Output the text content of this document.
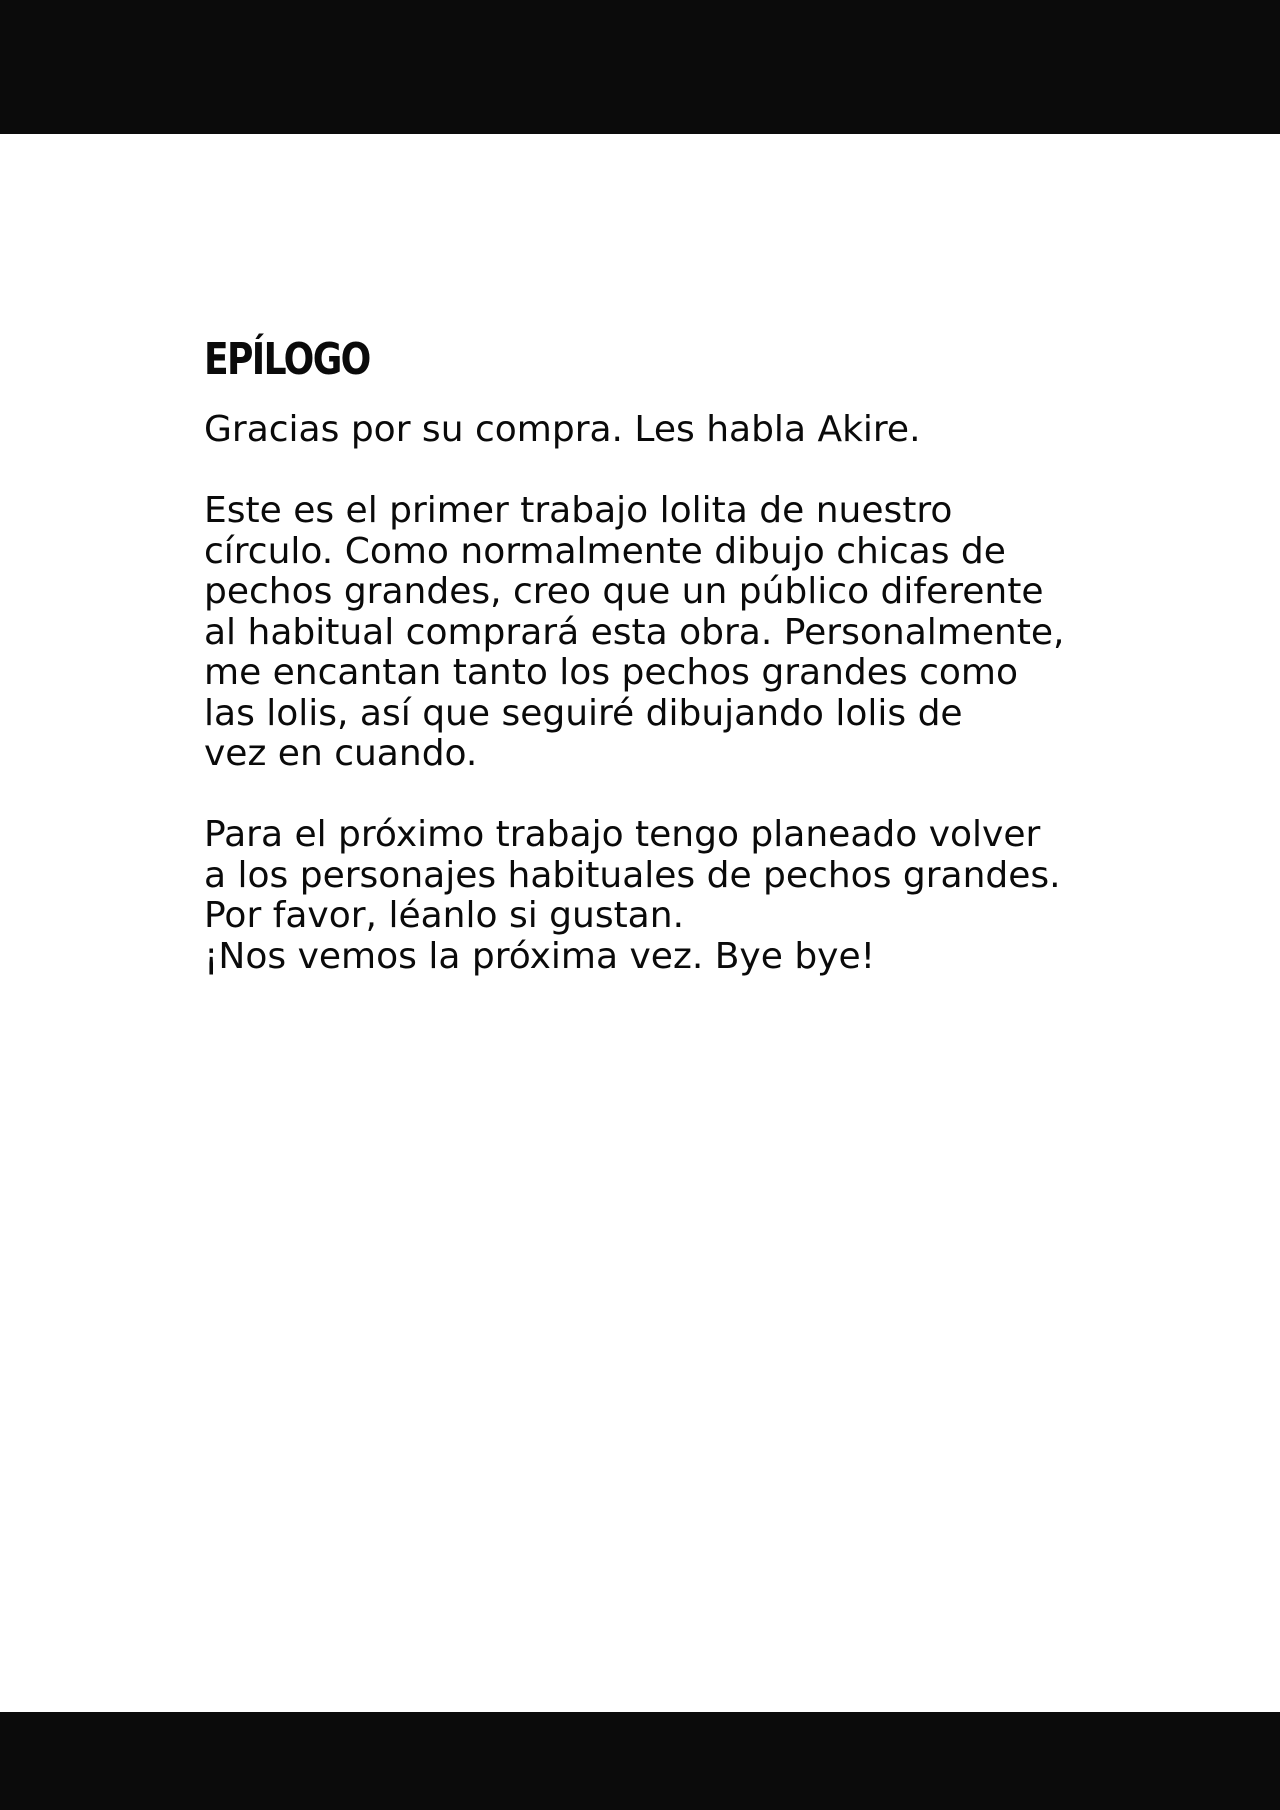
EPÍLOGO

Gracias por su compra. Les habla Akire.

Este es el primer trabajo lolita de nuestro
círculo. Como normalmente dibujo chicas de
pechos grandes, creo que un público diferente
al habitual comprará esta obra. Personalmente,
me encantan tanto los pechos grandes como
las lolis, así que seguiré dibujando lolis de
vez en cuando.

Para el próximo trabajo tengo planeado volver
a los personajes habituales de pechos grandes.
Por favor, léanlo si gustan.
¡Nos vemos la próxima vez. Bye bye!
